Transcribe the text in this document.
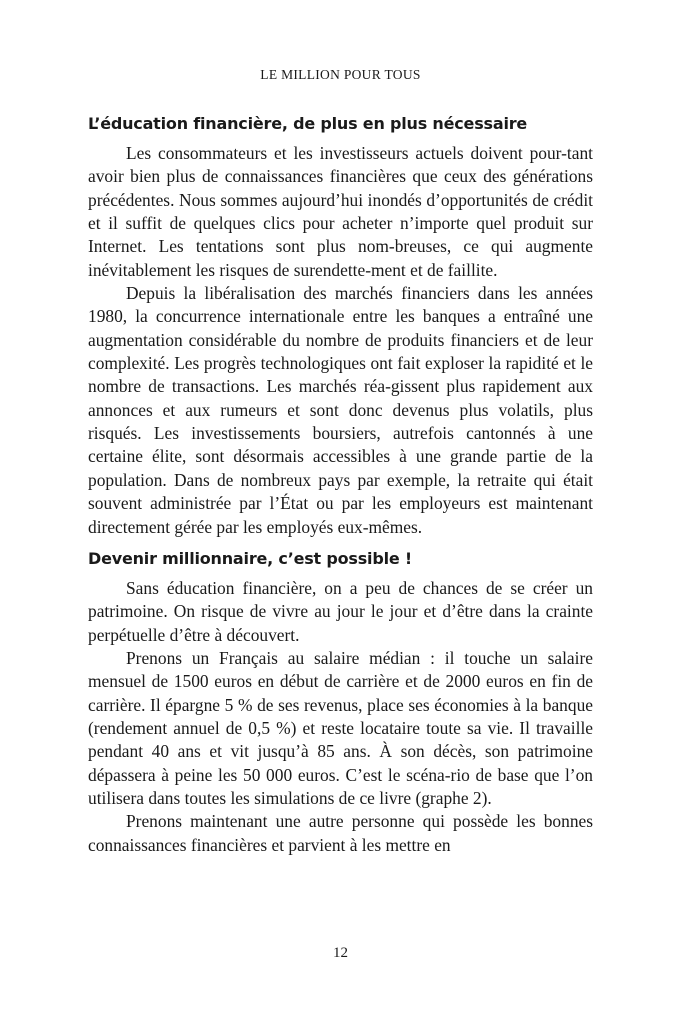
LE MILLION POUR TOUS
L’éducation financière, de plus en plus nécessaire

Les consommateurs et les investisseurs actuels doivent pour-tant avoir bien plus de connaissances financières que ceux des générations précédentes. Nous sommes aujourd’hui inondés d’opportunités de crédit et il suffit de quelques clics pour acheter n’importe quel produit sur Internet. Les tentations sont plus nom-breuses, ce qui augmente inévitablement les risques de surendette-ment et de faillite.

Depuis la libéralisation des marchés financiers dans les années 1980, la concurrence internationale entre les banques a entraîné une augmentation considérable du nombre de produits financiers et de leur complexité. Les progrès technologiques ont fait exploser la rapidité et le nombre de transactions. Les marchés réa-gissent plus rapidement aux annonces et aux rumeurs et sont donc devenus plus volatils, plus risqués. Les investissements boursiers, autrefois cantonnés à une certaine élite, sont désormais accessibles à une grande partie de la population. Dans de nombreux pays par exemple, la retraite qui était souvent administrée par l’État ou par les employeurs est maintenant directement gérée par les employés eux-mêmes.

Devenir millionnaire, c’est possible !

Sans éducation financière, on a peu de chances de se créer un patrimoine. On risque de vivre au jour le jour et d’être dans la crainte perpétuelle d’être à découvert.

Prenons un Français au salaire médian : il touche un salaire mensuel de 1500 euros en début de carrière et de 2000 euros en fin de carrière. Il épargne 5 % de ses revenus, place ses économies à la banque (rendement annuel de 0,5 %) et reste locataire toute sa vie. Il travaille pendant 40 ans et vit jusqu’à 85 ans. À son décès, son patrimoine dépassera à peine les 50 000 euros. C’est le scéna-rio de base que l’on utilisera dans toutes les simulations de ce livre (graphe 2).

Prenons maintenant une autre personne qui possède les bonnes connaissances financières et parvient à les mettre en

12
